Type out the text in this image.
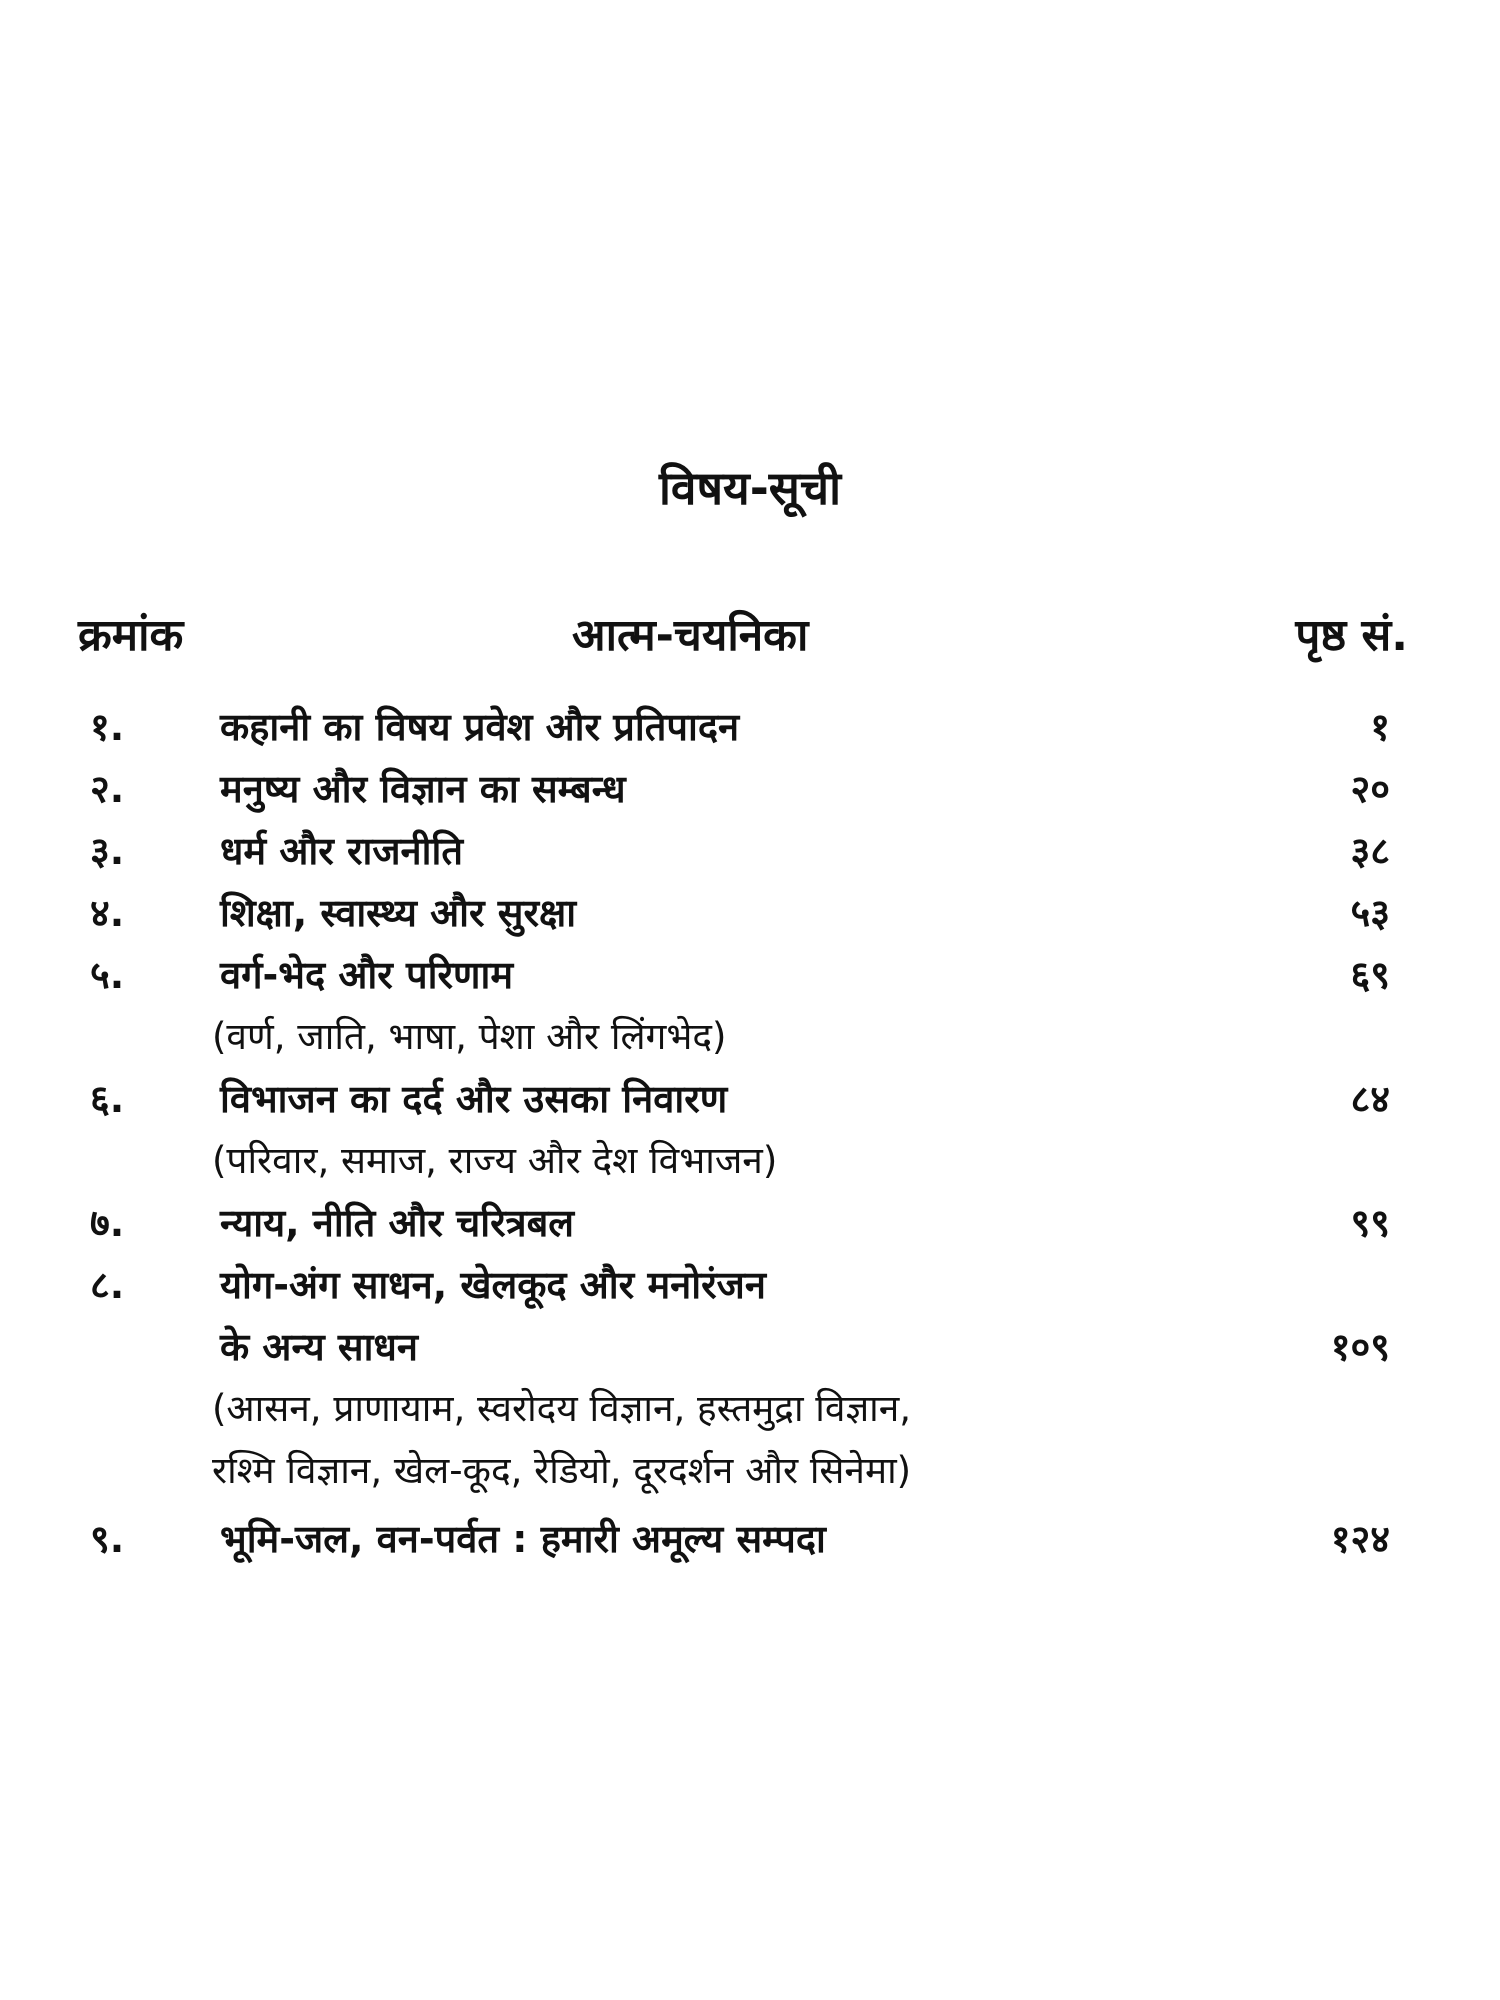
विषय-सूची
क्रमांक	आत्म-चयनिका	पृष्ठ सं.
१.	कहानी का विषय प्रवेश और प्रतिपादन	१
२.	मनुष्य और विज्ञान का सम्बन्ध	२०
३.	धर्म और राजनीति	३८
४.	शिक्षा, स्वास्थ्य और सुरक्षा	५३
५.	वर्ग-भेद और परिणाम	६९
(वर्ण, जाति, भाषा, पेशा और लिंगभेद)
६.	विभाजन का दर्द और उसका निवारण	८४
(परिवार, समाज, राज्य और देश विभाजन)
७.	न्याय, नीति और चरित्रबल	९९
८.	योग-अंग साधन, खेलकूद और मनोरंजन
के अन्य साधन	१०९
(आसन, प्राणायाम, स्वरोदय विज्ञान, हस्तमुद्रा विज्ञान,
रश्मि विज्ञान, खेल-कूद, रेडियो, दूरदर्शन और सिनेमा)
९.	भूमि-जल, वन-पर्वत : हमारी अमूल्य सम्पदा	१२४
